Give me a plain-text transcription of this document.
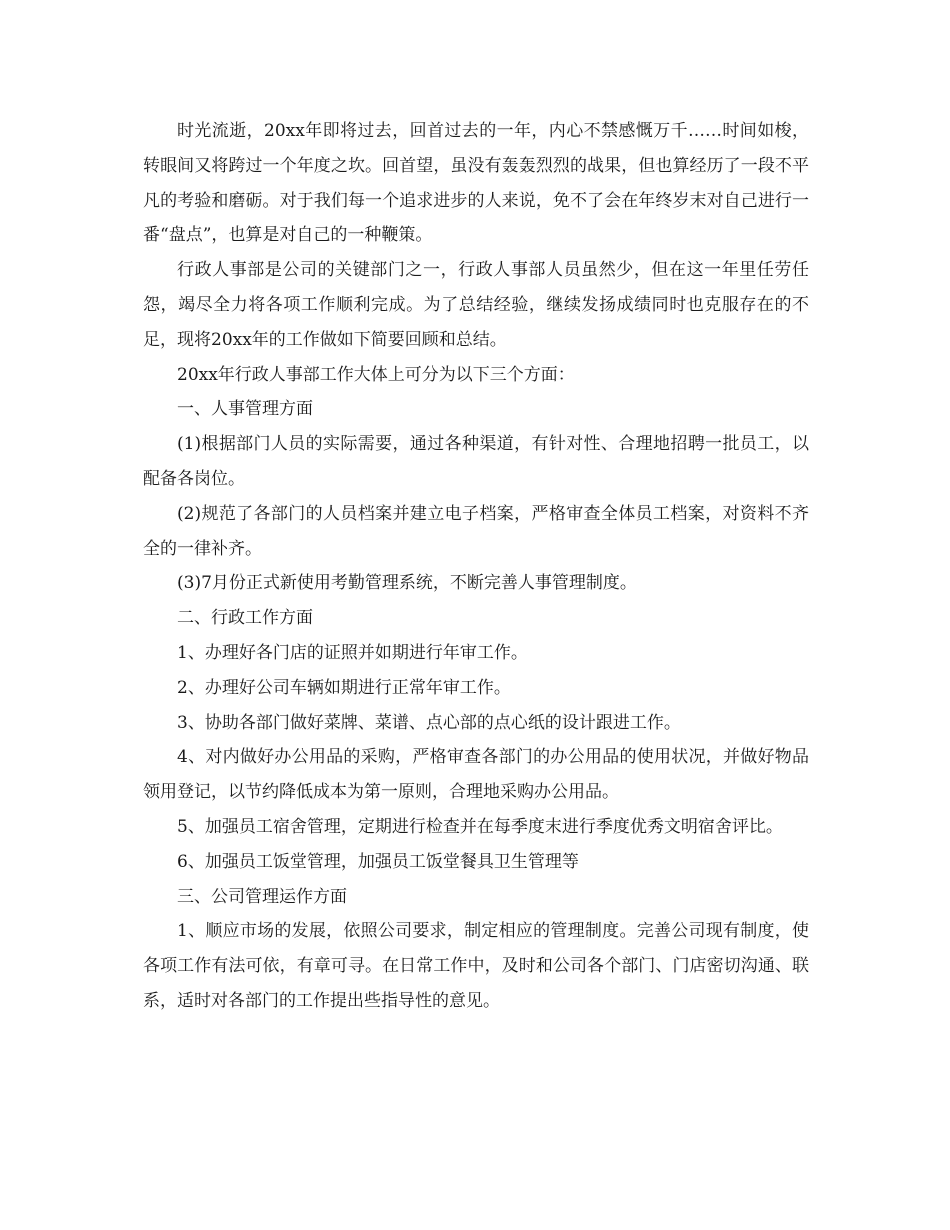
时光流逝，20xx年即将过去，回首过去的一年，内心不禁感慨万千……时间如梭，转眼间又将跨过一个年度之坎。回首望，虽没有轰轰烈烈的战果，但也算经历了一段不平凡的考验和磨砺。对于我们每一个追求进步的人来说，免不了会在年终岁末对自己进行一番“盘点”，也算是对自己的一种鞭策。

行政人事部是公司的关键部门之一，行政人事部人员虽然少，但在这一年里任劳任怨，竭尽全力将各项工作顺利完成。为了总结经验，继续发扬成绩同时也克服存在的不足，现将20xx年的工作做如下简要回顾和总结。

20xx年行政人事部工作大体上可分为以下三个方面：

一、人事管理方面

(1)根据部门人员的实际需要，通过各种渠道，有针对性、合理地招聘一批员工，以配备各岗位。

(2)规范了各部门的人员档案并建立电子档案，严格审查全体员工档案，对资料不齐全的一律补齐。

(3)7月份正式新使用考勤管理系统，不断完善人事管理制度。

二、行政工作方面

1、办理好各门店的证照并如期进行年审工作。

2、办理好公司车辆如期进行正常年审工作。

3、协助各部门做好菜牌、菜谱、点心部的点心纸的设计跟进工作。

4、对内做好办公用品的采购，严格审查各部门的办公用品的使用状况，并做好物品领用登记，以节约降低成本为第一原则，合理地采购办公用品。

5、加强员工宿舍管理，定期进行检查并在每季度末进行季度优秀文明宿舍评比。

6、加强员工饭堂管理，加强员工饭堂餐具卫生管理等

三、公司管理运作方面

1、顺应市场的发展，依照公司要求，制定相应的管理制度。完善公司现有制度，使各项工作有法可依，有章可寻。在日常工作中，及时和公司各个部门、门店密切沟通、联系，适时对各部门的工作提出些指导性的意见。
